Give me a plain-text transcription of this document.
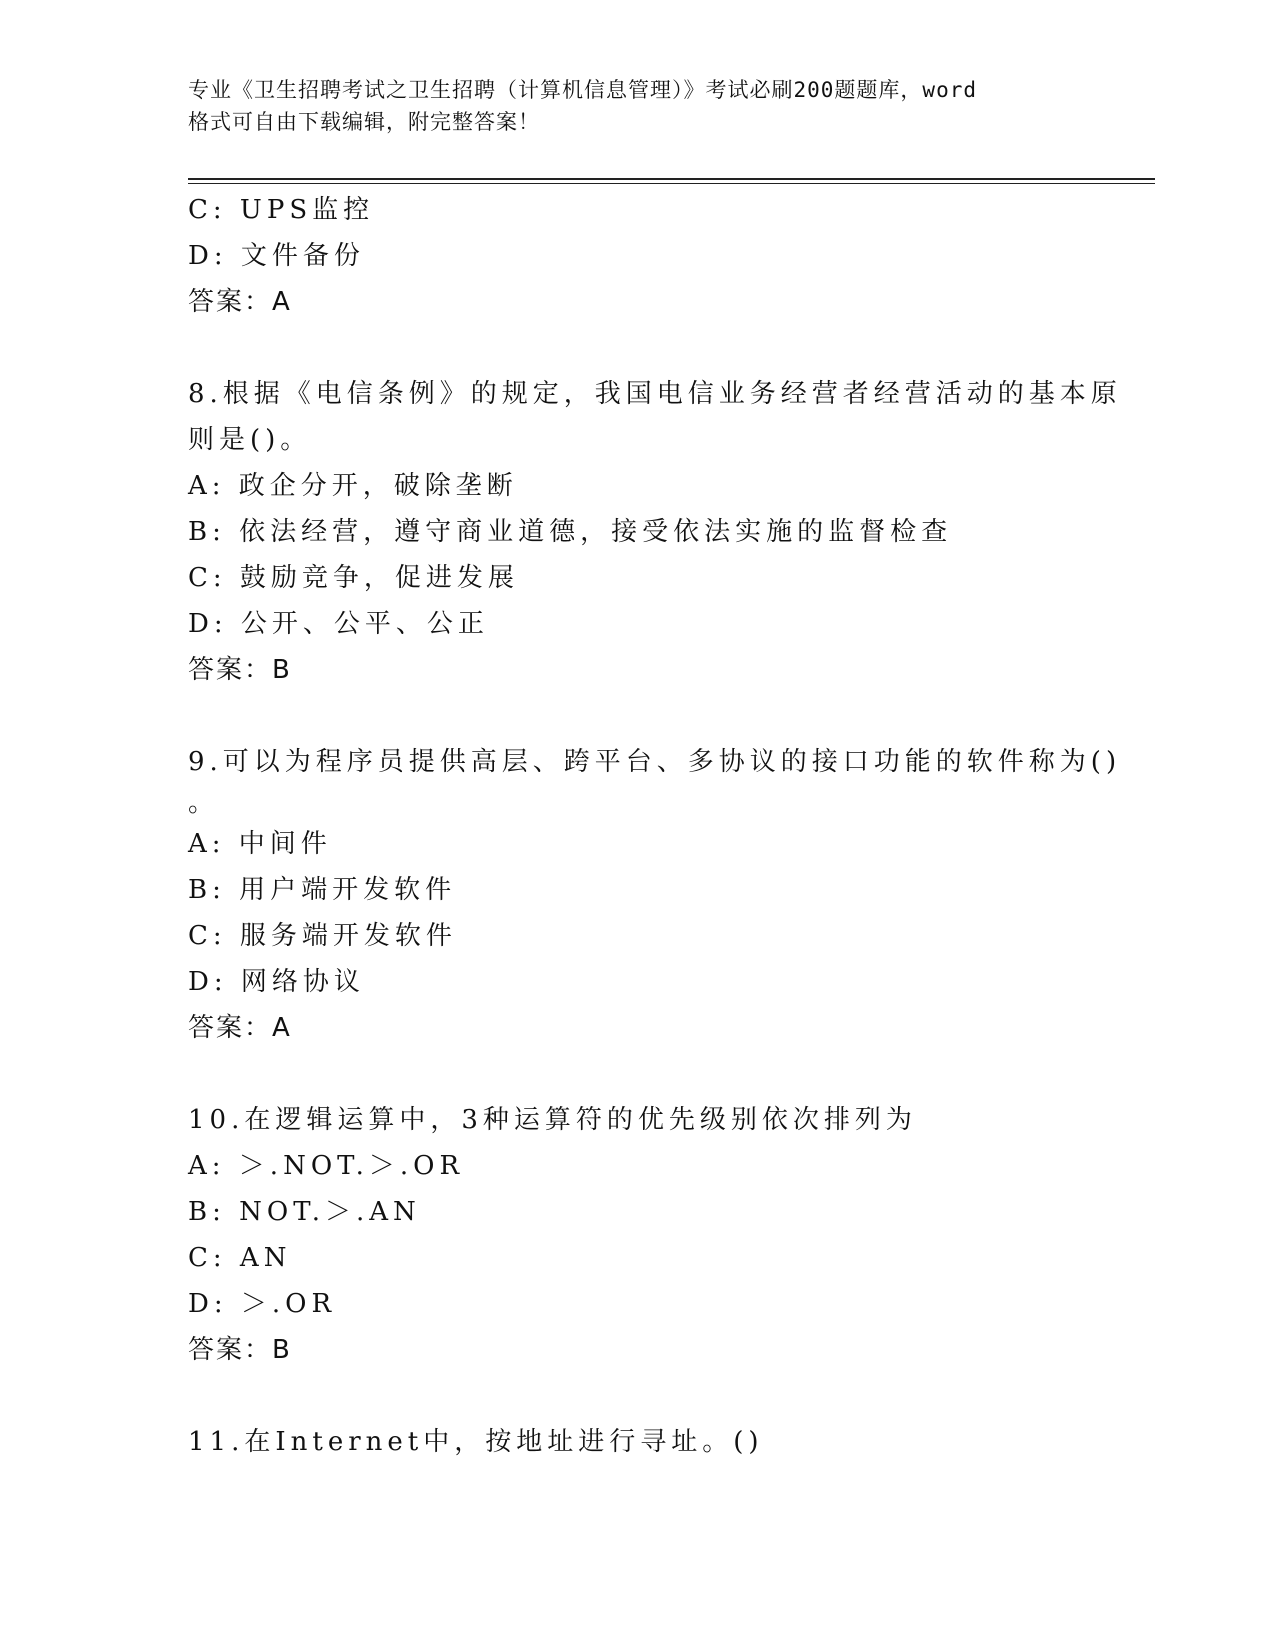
专业《卫生招聘考试之卫生招聘（计算机信息管理）》考试必刷200题题库，word
格式可自由下载编辑，附完整答案！
C: UPS监控
D: 文件备份
答案：A
8.根据《电信条例》的规定，我国电信业务经营者经营活动的基本原
则是()。
A: 政企分开，破除垄断
B: 依法经营，遵守商业道德，接受依法实施的监督检查
C: 鼓励竞争，促进发展
D: 公开、公平、公正
答案：B
9.可以为程序员提供高层、跨平台、多协议的接口功能的软件称为()
。
A: 中间件
B: 用户端开发软件
C: 服务端开发软件
D: 网络协议
答案：A
10.在逻辑运算中，3种运算符的优先级别依次排列为
A: ＞.NOT.＞.OR
B: NOT.＞.AN
C: AN
D: ＞.OR
答案：B
11.在Internet中，按地址进行寻址。()
